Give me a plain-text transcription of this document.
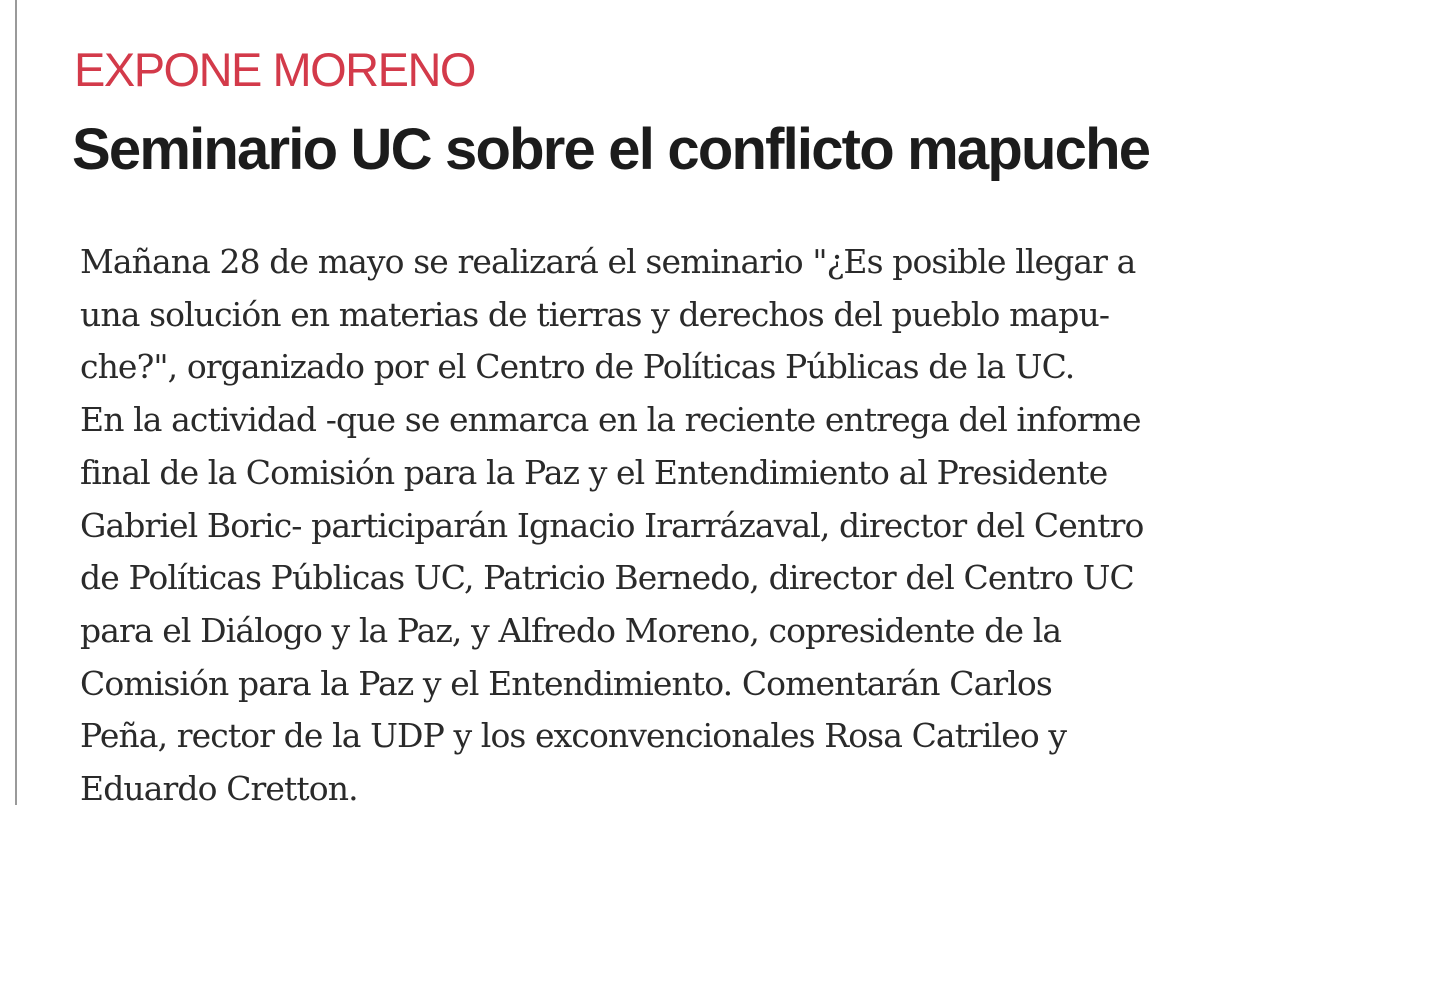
EXPONE MORENO
Seminario UC sobre el conflicto mapuche
Mañana 28 de mayo se realizará el seminario "¿Es posible llegar a
una solución en materias de tierras y derechos del pueblo mapu-
che?", organizado por el Centro de Políticas Públicas de la UC.
En la actividad -que se enmarca en la reciente entrega del informe
final de la Comisión para la Paz y el Entendimiento al Presidente
Gabriel Boric- participarán Ignacio Irarrázaval, director del Centro
de Políticas Públicas UC, Patricio Bernedo, director del Centro UC
para el Diálogo y la Paz, y Alfredo Moreno, copresidente de la
Comisión para la Paz y el Entendimiento. Comentarán Carlos
Peña, rector de la UDP y los exconvencionales Rosa Catrileo y
Eduardo Cretton.
